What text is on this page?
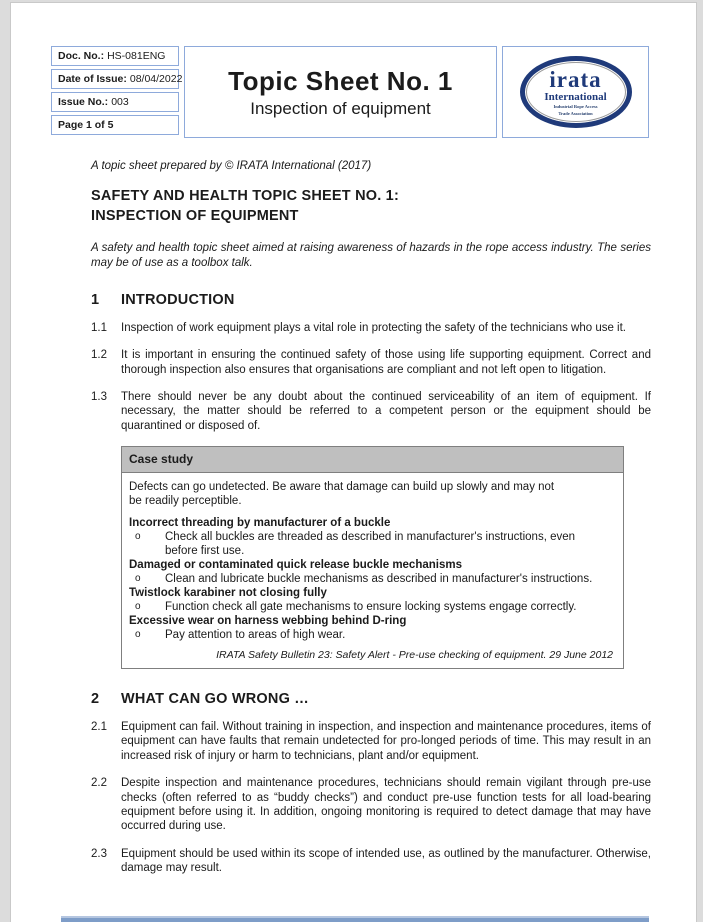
Doc. No.: HS-081ENG
Date of Issue: 08/04/2022
Issue No.: 003
Page 1 of 5
Topic Sheet No. 1
Inspection of equipment
irata
International
Industrial Rope Access
Trade Association
A topic sheet prepared by © IRATA International (2017)
SAFETY AND HEALTH TOPIC SHEET NO. 1:
INSPECTION OF EQUIPMENT
A safety and health topic sheet aimed at raising awareness of hazards in the rope access industry. The series may be of use as a toolbox talk.
1	INTRODUCTION
1.1	Inspection of work equipment plays a vital role in protecting the safety of the technicians who use it.
1.2	It is important in ensuring the continued safety of those using life supporting equipment. Correct and thorough inspection also ensures that organisations are compliant and not left open to litigation.
1.3	There should never be any doubt about the continued serviceability of an item of equipment. If necessary, the matter should be referred to a competent person or the equipment should be quarantined or disposed of.
Case study
Defects can go undetected. Be aware that damage can build up slowly and may not be readily perceptible.
Incorrect threading by manufacturer of a buckle
o	Check all buckles are threaded as described in manufacturer's instructions, even before first use.
Damaged or contaminated quick release buckle mechanisms
o	Clean and lubricate buckle mechanisms as described in manufacturer's instructions.
Twistlock karabiner not closing fully
o	Function check all gate mechanisms to ensure locking systems engage correctly.
Excessive wear on harness webbing behind D-ring
o	Pay attention to areas of high wear.
IRATA Safety Bulletin 23: Safety Alert - Pre-use checking of equipment. 29 June 2012
2	WHAT CAN GO WRONG …
2.1	Equipment can fail. Without training in inspection, and inspection and maintenance procedures, items of equipment can have faults that remain undetected for pro-longed periods of time. This may result in an increased risk of injury or harm to technicians, plant and/or equipment.
2.2	Despite inspection and maintenance procedures, technicians should remain vigilant through pre-use checks (often referred to as “buddy checks”) and conduct pre-use function tests for all load-bearing equipment before using it. In addition, ongoing monitoring is required to detect damage that may have occurred during use.
2.3	Equipment should be used within its scope of intended use, as outlined by the manufacturer. Otherwise, damage may result.
